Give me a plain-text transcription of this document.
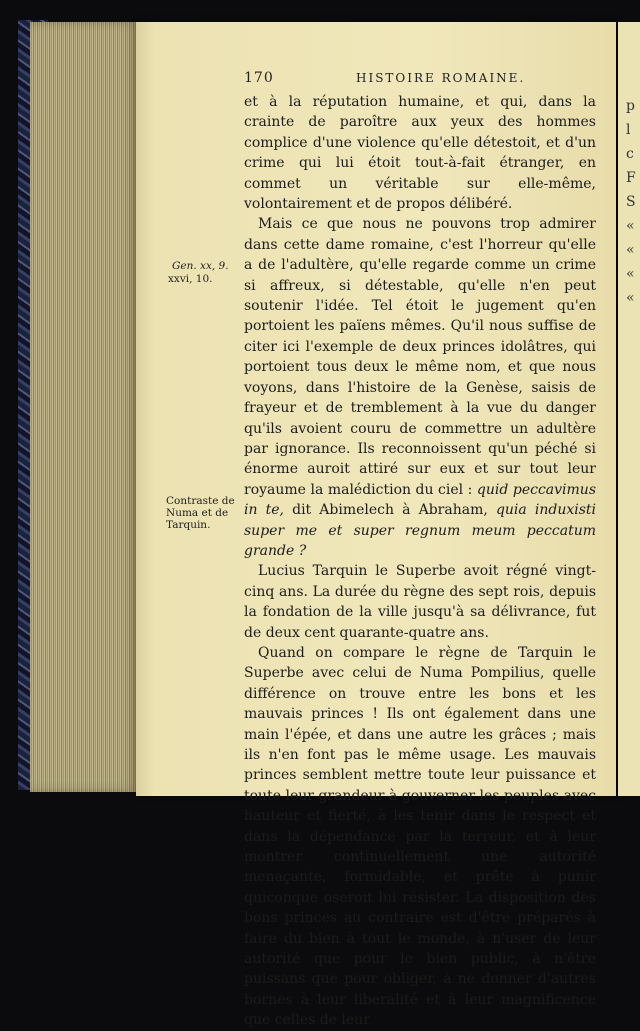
170	HISTOIRE ROMAINE.
Gen. xx, 9.
xxvi, 10.
Contraste de
Numa et de
Tarquin.

et à la réputation humaine, et qui, dans la crainte de paroître aux yeux des hommes complice d'une violence qu'elle détestoit, et d'un crime qui lui étoit tout-à-fait étranger, en commet un véritable sur elle-même, volontairement et de propos délibéré.

Mais ce que nous ne pouvons trop admirer dans cette dame romaine, c'est l'horreur qu'elle a de l'adultère, qu'elle regarde comme un crime si affreux, si détestable, qu'elle n'en peut soutenir l'idée. Tel étoit le jugement qu'en portoient les païens mêmes. Qu'il nous suffise de citer ici l'exemple de deux princes idolâtres, qui portoient tous deux le même nom, et que nous voyons, dans l'histoire de la Genèse, saisis de frayeur et de tremblement à la vue du danger qu'ils avoient couru de commettre un adultère par ignorance. Ils reconnoissent qu'un péché si énorme auroit attiré sur eux et sur tout leur royaume la malédiction du ciel : quid peccavimus in te, dit Abimelech à Abraham, quia induxisti super me et super regnum meum peccatum grande ?

Lucius Tarquin le Superbe avoit régné vingt-cinq ans. La durée du règne des sept rois, depuis la fondation de la ville jusqu'à sa délivrance, fut de deux cent quarante-quatre ans.

Quand on compare le règne de Tarquin le Superbe avec celui de Numa Pompilius, quelle différence on trouve entre les bons et les mauvais princes ! Ils ont également dans une main l'épée, et dans une autre les grâces ; mais ils n'en font pas le même usage. Les mauvais princes semblent mettre toute leur puissance et toute leur grandeur à gouverner les peuples avec hauteur et fierté, à les tenir dans le respect et dans la dépendance par la terreur, et à leur montrer continuellement une autorité menaçante, formidable, et prête à punir quiconque oseroit lui résister. La disposition des bons princes au contraire est d'être préparés à faire du bien à tout le monde, à n'user de leur autorité que pour le bien public, à n'être puissans que pour obliger, à ne donner d'autres bornes à leur liberalité et à leur magnificence que celles de leur

p
l
c
F
S
«
«
«
«
